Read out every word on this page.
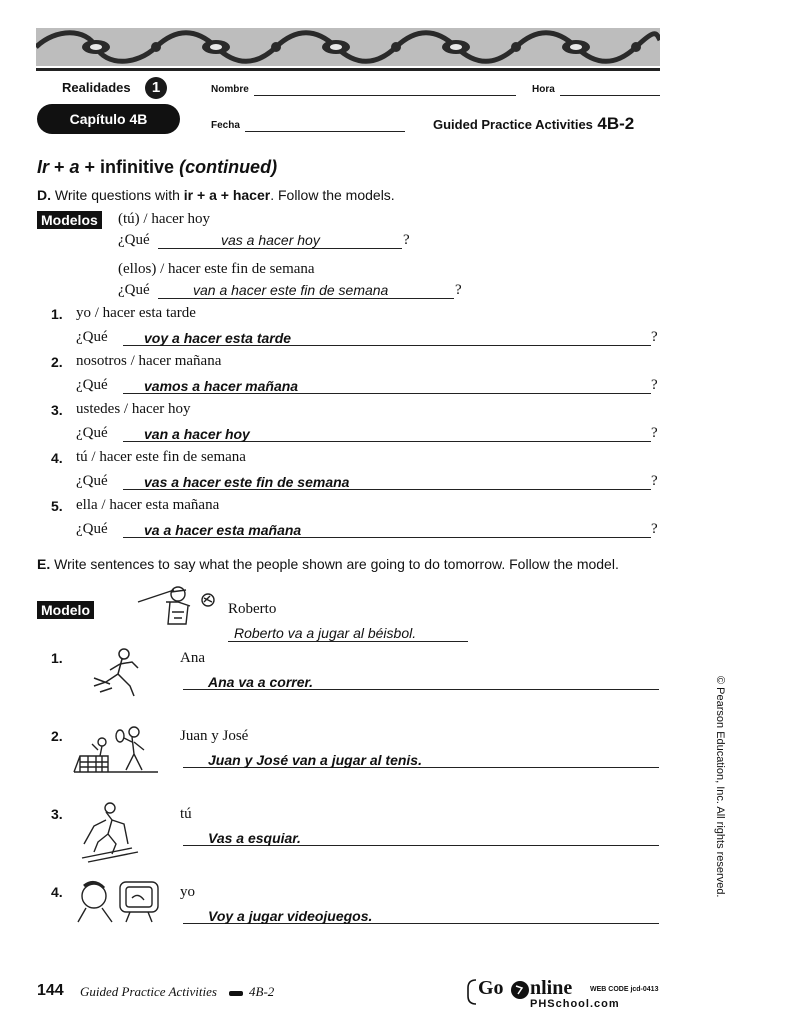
Realidades	1	Nombre	Hora
Capítulo 4B	Fecha	Guided Practice Activities 4B-2
Ir + a + infinitive (continued)
D. Write questions with ir + a + hacer. Follow the models.
Modelos (tú) / hacer hoy
¿Qué	vas a hacer hoy	?
(ellos) / hacer este fin de semana
¿Qué	van a hacer este fin de semana	?
1. yo / hacer esta tarde
¿Qué	voy a hacer esta tarde	?
2. nosotros / hacer mañana
¿Qué	vamos a hacer mañana	?
3. ustedes / hacer hoy
¿Qué	van a hacer hoy	?
4. tú / hacer este fin de semana
¿Qué	vas a hacer este fin de semana	?
5. ella / hacer esta mañana
¿Qué	va a hacer esta mañana	?
E. Write sentences to say what the people shown are going to do tomorrow. Follow the model.
Modelo	Roberto
Roberto va a jugar al béisbol.
1.	Ana
Ana va a correr.
2.	Juan y José
Juan y José van a jugar al tenis.
3.	tú
Vas a esquiar.
4.	yo
Voy a jugar videojuegos.
© Pearson Education, Inc. All rights reserved.
144 Guided Practice Activities 4B-2	Go nline	WEB CODE jcd-0413
PHSchool.com
